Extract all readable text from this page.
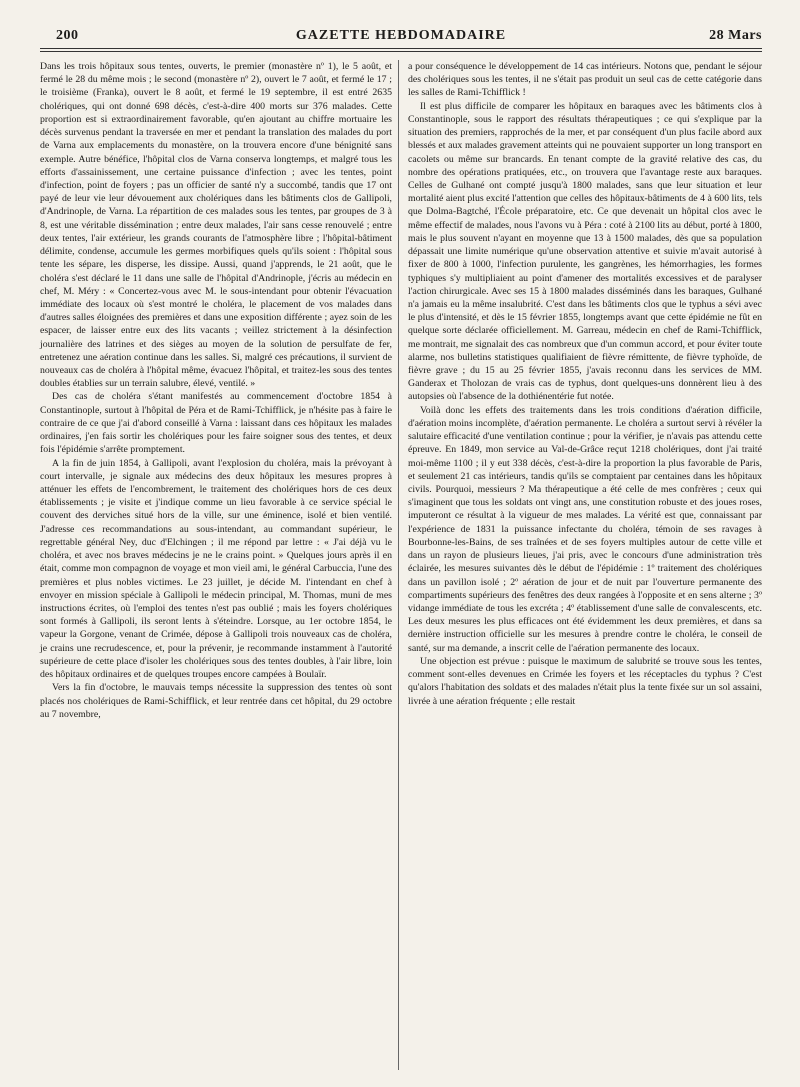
200	GAZETTE HEBDOMADAIRE	28 Mars

Dans les trois hôpitaux sous tentes, ouverts, le premier (monastère nº 1), le 5 août, et fermé le 28 du même mois ; le second (monastère nº 2), ouvert le 7 août, et fermé le 17 ; le troisième (Franka), ouvert le 8 août, et fermé le 19 septembre, il est entré 2635 cholériques, qui ont donné 698 décès, c'est-à-dire 400 morts sur 376 malades. Cette proportion est si extraordinairement favorable, qu'en ajoutant au chiffre mortuaire les décès survenus pendant la traversée en mer et pendant la translation des malades du port de Varna aux emplacements du monastère, on la trouvera encore d'une bénignité sans exemple. Autre bénéfice, l'hôpital clos de Varna conserva longtemps, et malgré tous les efforts d'assainissement, une certaine puissance d'infection ; avec les tentes, point d'infection, point de foyers ; pas un officier de santé n'y a succombé, tandis que 17 ont payé de leur vie leur dévouement aux cholériques dans les bâtiments clos de Gallipoli, d'Andrinople, de Varna. La répartition de ces malades sous les tentes, par groupes de 3 à 8, est une véritable dissémination ; entre deux malades, l'air sans cesse renouvelé ; entre deux tentes, l'air extérieur, les grands courants de l'atmosphère libre ; l'hôpital-bâtiment délimite, condense, accumule les germes morbifiques quels qu'ils soient : l'hôpital sous tente les sépare, les disperse, les dissipe. Aussi, quand j'apprends, le 21 août, que le choléra s'est déclaré le 11 dans une salle de l'hôpital d'Andrinople, j'écris au médecin en chef, M. Méry : « Concertez-vous avec M. le sous-intendant pour obtenir l'évacuation immédiate des locaux où s'est montré le choléra, le placement de vos malades dans d'autres salles éloignées des premières et dans une exposition différente ; ayez soin de les espacer, de laisser entre eux des lits vacants ; veillez strictement à la désinfection journalière des latrines et des sièges au moyen de la solution de persulfate de fer, entretenez une aération continue dans les salles. Si, malgré ces précautions, il survient de nouveaux cas de choléra à l'hôpital même, évacuez l'hôpital, et traitez-les sous des tentes doubles établies sur un terrain salubre, élevé, ventilé. »

Des cas de choléra s'étant manifestés au commencement d'octobre 1854 à Constantinople, surtout à l'hôpital de Péra et de Rami-Tchifflick, je n'hésite pas à faire le contraire de ce que j'ai d'abord conseillé à Varna : laissant dans ces hôpitaux les malades ordinaires, j'en fais sortir les cholériques pour les faire soigner sous des tentes, et deux fois l'épidémie s'arrête promptement.

A la fin de juin 1854, à Gallipoli, avant l'explosion du choléra, mais la prévoyant à court intervalle, je signale aux médecins des deux hôpitaux les mesures propres à atténuer les effets de l'encombrement, le traitement des cholériques hors de ces deux établissements ; je visite et j'indique comme un lieu favorable à ce service spécial le couvent des derviches situé hors de la ville, sur une éminence, isolé et bien ventilé. J'adresse ces recommandations au sous-intendant, au commandant supérieur, le regrettable général Ney, duc d'Elchingen ; il me répond par lettre : « J'ai déjà vu le choléra, et avec nos braves médecins je ne le crains point. » Quelques jours après il en était, comme mon compagnon de voyage et mon vieil ami, le général Carbuccia, l'une des premières et plus nobles victimes. Le 23 juillet, je décide M. l'intendant en chef à envoyer en mission spéciale à Gallipoli le médecin principal, M. Thomas, muni de mes instructions écrites, où l'emploi des tentes n'est pas oublié ; mais les foyers cholériques sont formés à Gallipoli, ils seront lents à s'éteindre. Lorsque, au 1er octobre 1854, le vapeur la Gorgone, venant de Crimée, dépose à Gallipoli trois nouveaux cas de choléra, je crains une recrudescence, et, pour la prévenir, je recommande instamment à l'autorité supérieure de cette place d'isoler les cholériques sous des tentes doubles, à l'air libre, loin des hôpitaux ordinaires et de quelques troupes encore campées à Boulaïr.

Vers la fin d'octobre, le mauvais temps nécessite la suppression des tentes où sont placés nos cholériques de Rami-Schifflick, et leur rentrée dans cet hôpital, du 29 octobre au 7 novembre,

a pour conséquence le développement de 14 cas intérieurs. Notons que, pendant le séjour des cholériques sous les tentes, il ne s'était pas produit un seul cas de cette catégorie dans les salles de Rami-Tchifflick !

Il est plus difficile de comparer les hôpitaux en baraques avec les bâtiments clos à Constantinople, sous le rapport des résultats thérapeutiques ; ce qui s'explique par la situation des premiers, rapprochés de la mer, et par conséquent d'un plus facile abord aux blessés et aux malades gravement atteints qui ne pouvaient supporter un long transport en cacolets ou même sur brancards. En tenant compte de la gravité relative des cas, du nombre des opérations pratiquées, etc., on trouvera que l'avantage reste aux baraques. Celles de Gulhané ont compté jusqu'à 1800 malades, sans que leur situation et leur mortalité aient plus excité l'attention que celles des hôpitaux-bâtiments de 4 à 600 lits, tels que Dolma-Bagtché, l'École préparatoire, etc. Ce que devenait un hôpital clos avec le même effectif de malades, nous l'avons vu à Péra : coté à 2100 lits au début, porté à 1800, mais le plus souvent n'ayant en moyenne que 13 à 1500 malades, dès que sa population dépassait une limite numérique qu'une observation attentive et suivie m'avait autorisé à fixer de 800 à 1000, l'infection purulente, les gangrènes, les hémorrhagies, les formes typhiques s'y multipliaient au point d'amener des mortalités excessives et de paralyser l'action chirurgicale. Avec ses 15 à 1800 malades disséminés dans les baraques, Gulhané n'a jamais eu la même insalubrité. C'est dans les bâtiments clos que le typhus a sévi avec le plus d'intensité, et dès le 15 février 1855, longtemps avant que cette épidémie ne fût en quelque sorte déclarée officiellement. M. Garreau, médecin en chef de Rami-Tchifflick, me montrait, me signalait des cas nombreux que d'un commun accord, et pour éviter toute alarme, nos bulletins statistiques qualifiaient de fièvre rémittente, de fièvre typhoïde, de fièvre grave ; du 15 au 25 février 1855, j'avais reconnu dans les services de MM. Ganderax et Tholozan de vrais cas de typhus, dont quelques-uns donnèrent lieu à des autopsies où l'absence de la dothiénentérie fut notée.

Voilà donc les effets des traitements dans les trois conditions d'aération difficile, d'aération moins incomplète, d'aération permanente. Le choléra a surtout servi à révéler la salutaire efficacité d'une ventilation continue ; pour la vérifier, je n'avais pas attendu cette épreuve. En 1849, mon service au Val-de-Grâce reçut 1218 cholériques, dont j'ai traité moi-même 1100 ; il y eut 338 décès, c'est-à-dire la proportion la plus favorable de Paris, et seulement 21 cas intérieurs, tandis qu'ils se comptaient par centaines dans les hôpitaux civils. Pourquoi, messieurs ? Ma thérapeutique a été celle de mes confrères ; ceux qui s'imaginent que tous les soldats ont vingt ans, une constitution robuste et des joues roses, imputeront ce résultat à la vigueur de mes malades. La vérité est que, connaissant par l'expérience de 1831 la puissance infectante du choléra, témoin de ses ravages à Bourbonne-les-Bains, de ses traînées et de ses foyers multiples autour de cette ville et dans un rayon de plusieurs lieues, j'ai pris, avec le concours d'une administration très éclairée, les mesures suivantes dès le début de l'épidémie : 1º traitement des cholériques dans un pavillon isolé ; 2º aération de jour et de nuit par l'ouverture permanente des compartiments supérieurs des fenêtres des deux rangées à l'opposite et en sens alterne ; 3º vidange immédiate de tous les excréta ; 4º établissement d'une salle de convalescents, etc. Les deux mesures les plus efficaces ont été évidemment les deux premières, et dans sa dernière instruction officielle sur les mesures à prendre contre le choléra, le conseil de santé, sur ma demande, a inscrit celle de l'aération permanente des locaux.

Une objection est prévue : puisque le maximum de salubrité se trouve sous les tentes, comment sont-elles devenues en Crimée les foyers et les réceptacles du typhus ? C'est qu'alors l'habitation des soldats et des malades n'était plus la tente fixée sur un sol assaini, livrée à une aération fréquente ; elle restait
